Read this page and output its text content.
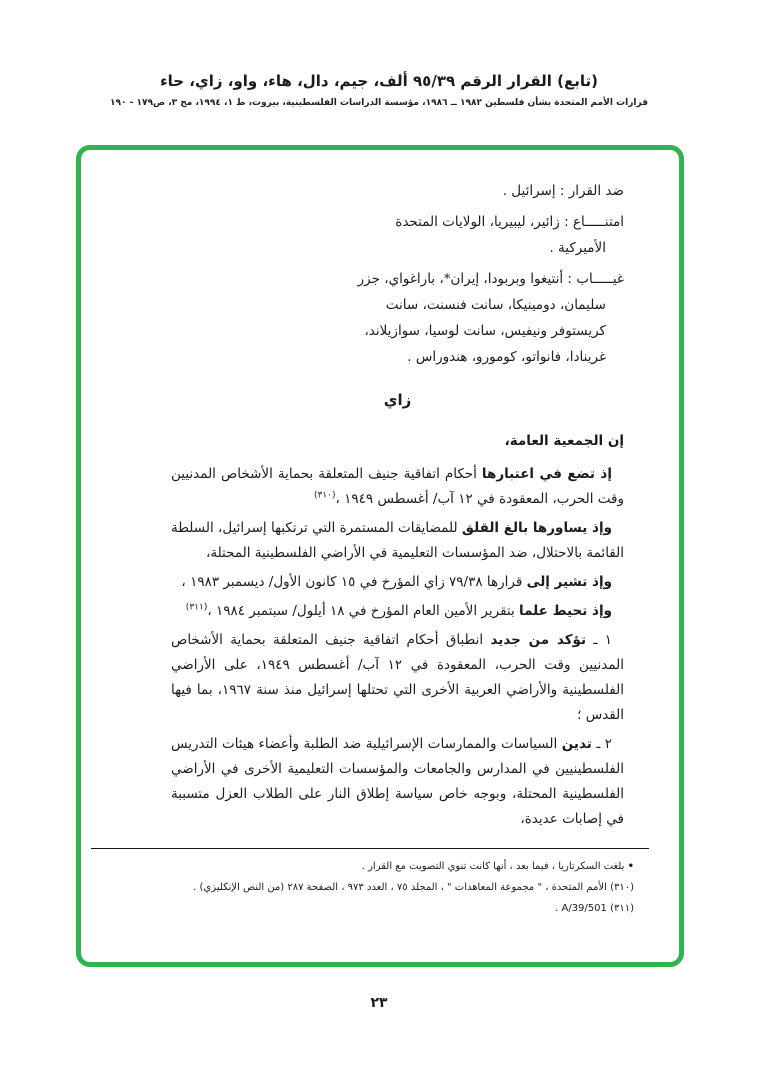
(تابع) القرار الرقم ٩٥/٣٩ ألف، جيم، دال، هاء، واو، زاي، حاء
قرارات الأمم المتحدة بشأن فلسطين ١٩٨٢ ــ ١٩٨٦، مؤسسة الدراسات الفلسطينية، بيروت، ط ١، ١٩٩٤، مج ٣، ص١٧٩ - ١٩٠

ضد القرار : إسرائيل .

امتنـــــاع : زائير، ليبيريا، الولايات المتحدة الأميركية .

غيـــــاب : أنتيغوا وبربودا، إيران*، باراغواي، جزر سليمان، دومينيكا، سانت فنسنت، سانت كريستوفر ونيفيس، سانت لوسيا، سوازيلاند، غرينادا، فانواتو، كومورو، هندوراس .

زاي

إن الجمعية العامة،

إذ تضع في اعتبارها أحكام اتفاقية جنيف المتعلقة بحماية الأشخاص المدنيين وقت الحرب، المعقودة في ١٢ آب/ أغسطس ١٩٤٩ ،$^{(٣١٠)}$

وإذ يساورها بالغ القلق للمضايقات المستمرة التي ترتكبها إسرائيل، السلطة القائمة بالاحتلال، ضد المؤسسات التعليمية في الأراضي الفلسطينية المحتلة،

وإذ تشير إلى قرارها ٧٩/٣٨ زاي المؤرخ في ١٥ كانون الأول/ ديسمبر ١٩٨٣ ،

وإذ تحيط علما بتقرير الأمين العام المؤرخ في ١٨ أيلول/ سبتمبر ١٩٨٤ ،$^{(٣١١)}$

١ ـ تؤكد من جديد انطباق أحكام اتفاقية جنيف المتعلقة بحماية الأشخاص المدنيين وقت الحرب، المعقودة في ١٢ آب/ أغسطس ١٩٤٩، على الأراضي الفلسطينية والأراضي العربية الأخرى التي تحتلها إسرائيل منذ سنة ١٩٦٧، بما فيها القدس ؛

٢ ـ تدين السياسات والممارسات الإسرائيلية ضد الطلبة وأعضاء هيئات التدريس الفلسطينيين في المدارس والجامعات والمؤسسات التعليمية الأخرى في الأراضي الفلسطينية المحتلة، وبوجه خاص سياسة إطلاق النار على الطلاب العزل متسببة في إصابات عديدة،

• بلغت السكرتاريا ، فيما بعد ، أنها كانت تنوي التصويت مع القرار .

(٣١٠) الأمم المتحدة ، " مجموعة المعاهدات " ، المجلد ٧٥ ، العدد ٩٧٣ ، الصفحة ٢٨٧ (من النص الإنكليزي) .

(٣١١) A/39/501 .

٢٣
